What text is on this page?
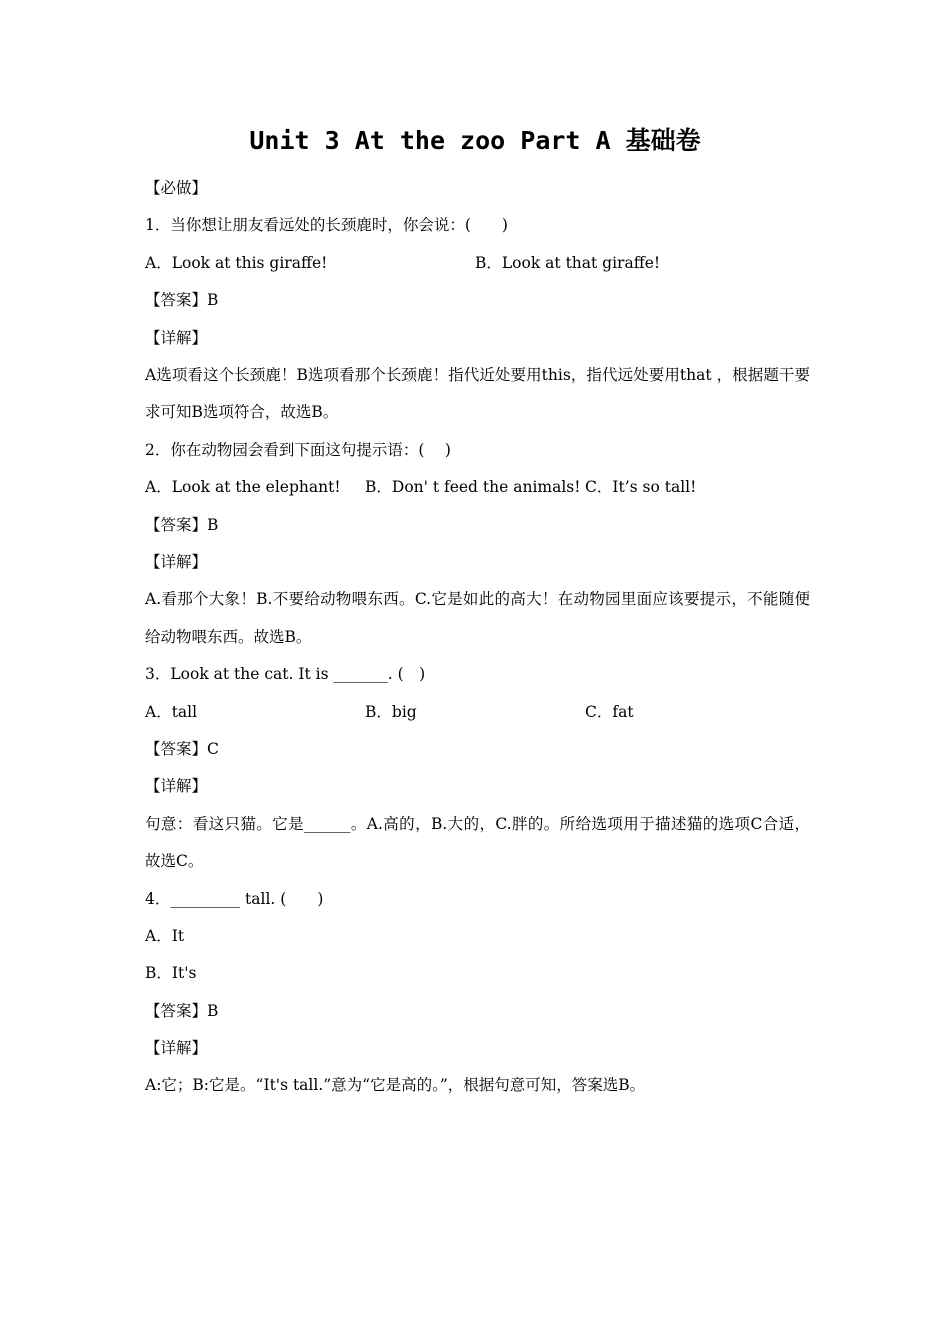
Unit 3 At the zoo Part A 基础卷
【必做】
1．当你想让朋友看远处的长颈鹿时，你会说：(　　)
A．Look at this giraffe!	B．Look at that giraffe!
【答案】B
【详解】
A选项看这个长颈鹿！B选项看那个长颈鹿！指代近处要用this，指代远处要用that ，根据题干要求可知B选项符合，故选B。
2．你在动物园会看到下面这句提示语：(　 )
A．Look at the elephant!	B．Don' t feed the animals! C．It’s so tall!
【答案】B
【详解】
A.看那个大象！B.不要给动物喂东西。C.它是如此的高大！在动物园里面应该要提示，不能随便给动物喂东西。故选B。
3．Look at the cat. It is _______. (　)
A．tall	B．big	C．fat
【答案】C
【详解】
句意：看这只猫。它是______。A.高的，B.大的，C.胖的。所给选项用于描述猫的选项C合适，故选C。
4．_________ tall. (　　)
A．It
B．It's
【答案】B
【详解】
A:它；B:它是。“It's tall.”意为“它是高的。”，根据句意可知，答案选B。
